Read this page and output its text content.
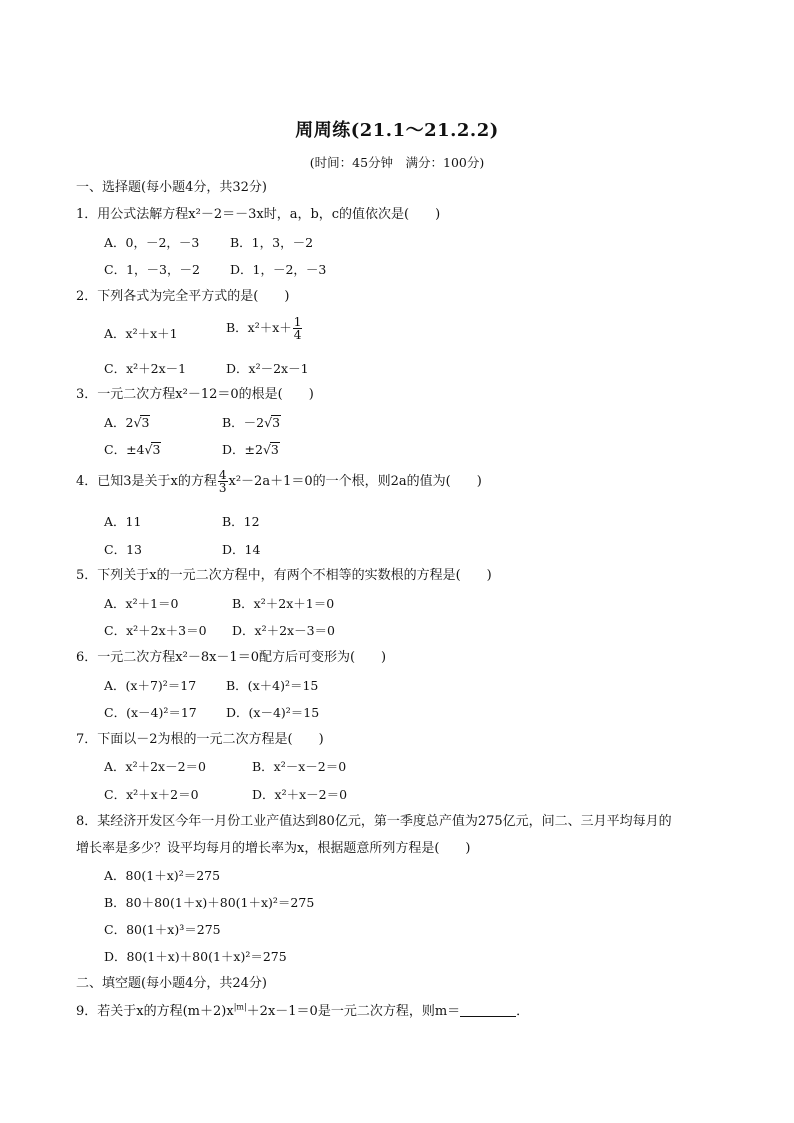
周周练(21.1～21.2.2)
(时间：45分钟　满分：100分)
一、选择题(每小题4分，共32分)
1．用公式法解方程x²－2＝－3x时，a，b，c的值依次是(　　)
A．0，－2，－3 B．1，3，－2
C．1，－3，－2 D．1，－2，－3
2．下列各式为完全平方式的是(　　)
A．x²＋x＋1	B．$x^2+x+ \frac{1}{4}$
C．x²＋2x－1	D．x²－2x－1
3．一元二次方程x²－12＝0的根是(　　)
A．2√3	B．－2√3
C．±4√3	D．±2√3
4．已知3是关于x的方程 $\frac{4}{3} x^2-2a+1=0$的一个根，则2a的值为(　　)
A．11	B．12
C．13	D．14
5．下列关于x的一元二次方程中，有两个不相等的实数根的方程是(　　)
A．x²＋1＝0	B．x²＋2x＋1＝0
C．x²＋2x＋3＝0 D．x²＋2x－3＝0
6．一元二次方程x²－8x－1＝0配方后可变形为(　　)
A．(x＋7)²＝17 B．(x＋4)²＝15
C．(x－4)²＝17 D．(x－4)²＝15
7．下面以－2为根的一元二次方程是(　　)
A．x²＋2x－2＝0	B．x²－x－2＝0
C．x²＋x＋2＝0	D．x²＋x－2＝0
8．某经济开发区今年一月份工业产值达到80亿元，第一季度总产值为275亿元，问二、三月平均每月的
增长率是多少？设平均每月的增长率为x，根据题意所列方程是(　　)
A．80(1＋x)²＝275
B．80＋80(1＋x)＋80(1＋x)²＝275
C．80(1＋x)³＝275
D．80(1＋x)＋80(1＋x)²＝275
二、填空题(每小题4分，共24分)
9．若关于x的方程$(m+2)x^{|m|}+2x-1=0$是一元二次方程，则m＝	．
